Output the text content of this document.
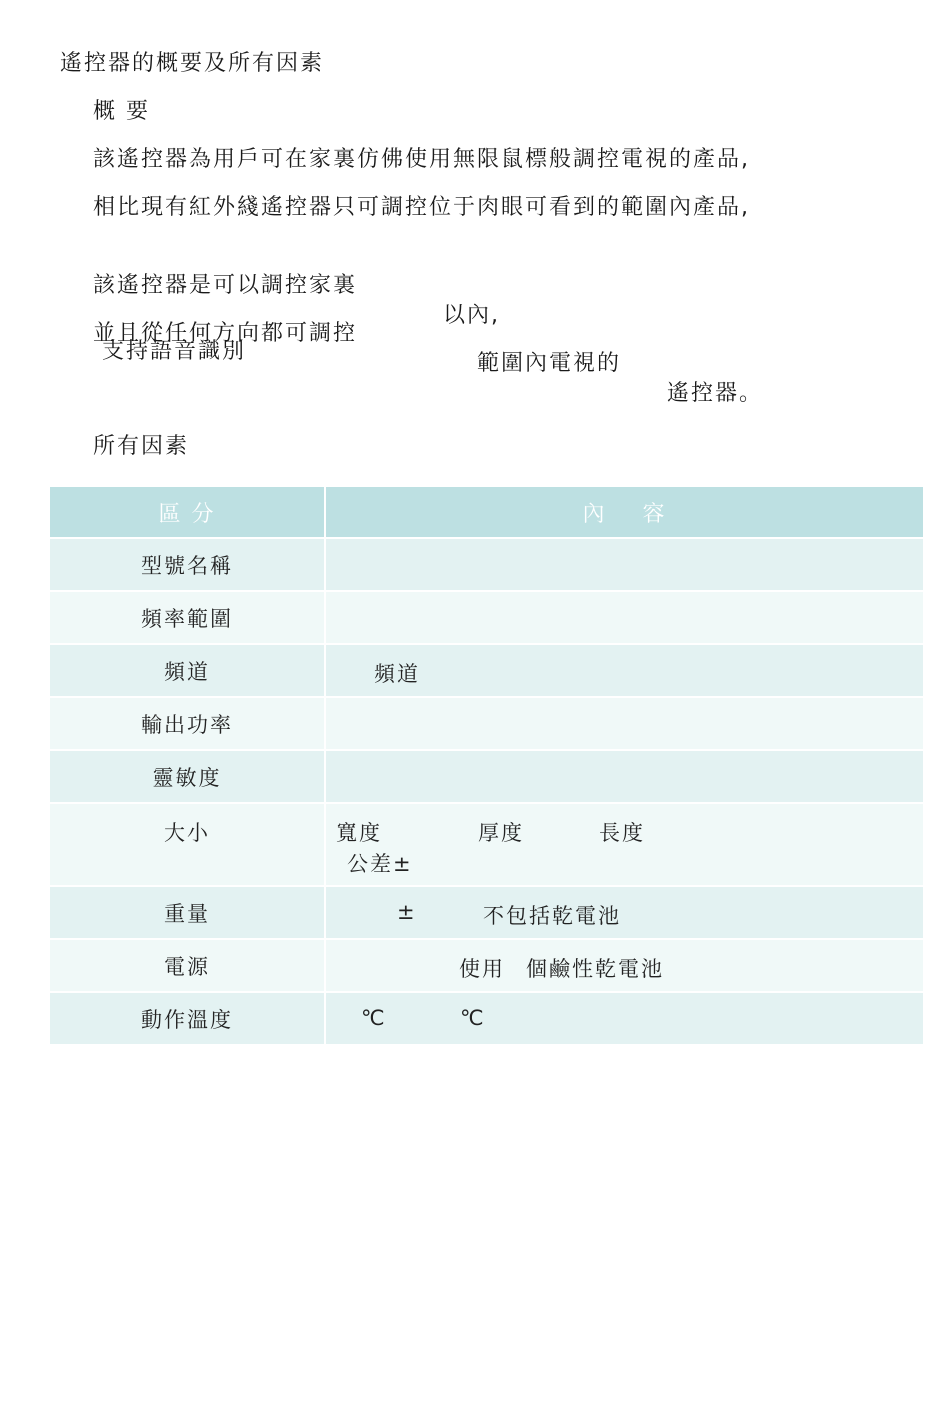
遙控器的概要及所有因素
概 要
該遙控器為用戶可在家裏仿佛使用無限鼠標般調控電視的產品,
相比現有紅外綫遙控器只可調控位于肉眼可看到的範圍內產品,

該遙控器是可以調控家裏

以內,

並且從任何方向都可調控

範圍內電視的

遙控器。

支持語音識別
所有因素
區 分	內    容
型號名稱	
頻率範圍	
頻道	頻道

輸出功率	
靈敏度	
大小	寬度 厚度 長度
公差±

重量	± 不包括乾電池

電源	使用 個鹼性乾電池

動作溫度	℃ ℃
